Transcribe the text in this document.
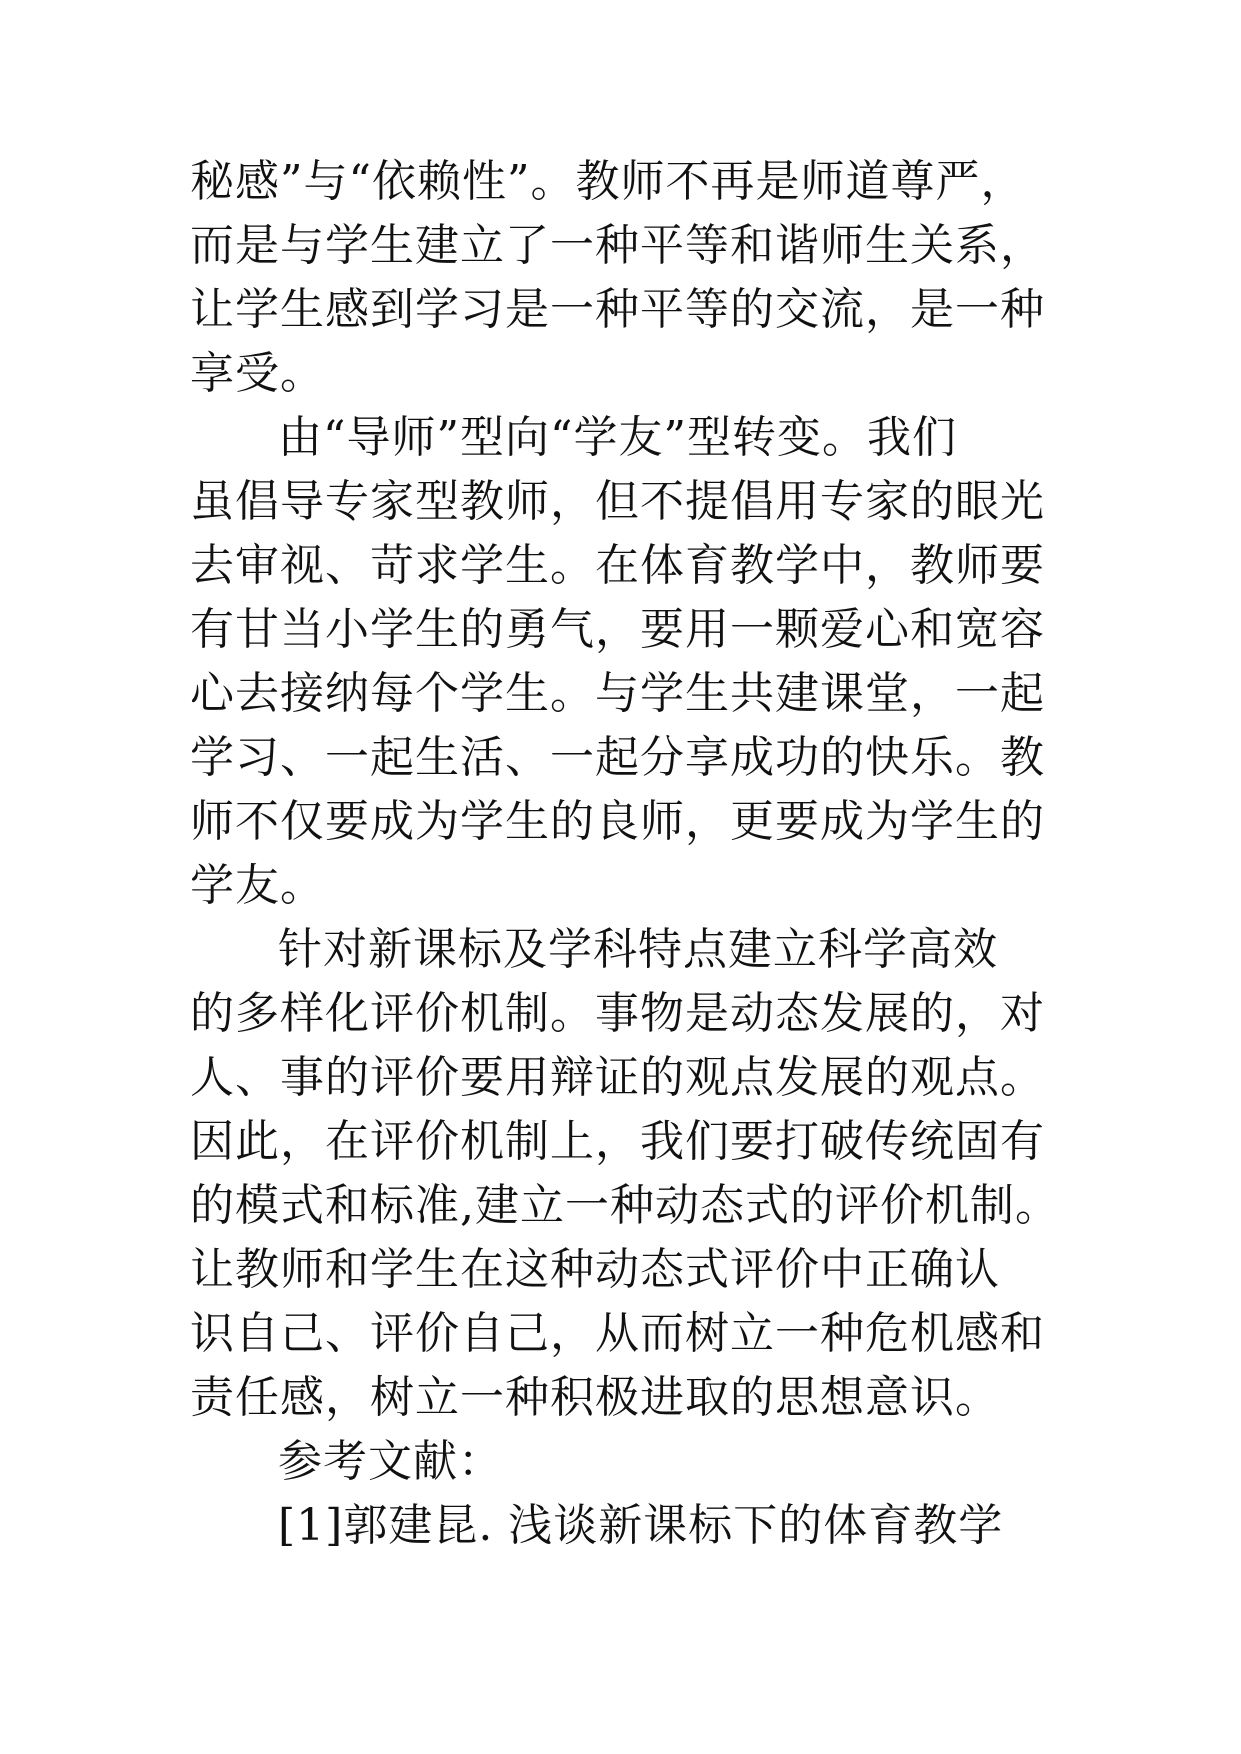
秘感”与“依赖性”。教师不再是师道尊严，
而是与学生建立了一种平等和谐师生关系，
让学生感到学习是一种平等的交流，是一种
享受。
由“导师”型向“学友”型转变。我们
虽倡导专家型教师，但不提倡用专家的眼光
去审视、苛求学生。在体育教学中，教师要
有甘当小学生的勇气，要用一颗爱心和宽容
心去接纳每个学生。与学生共建课堂，一起
学习、一起生活、一起分享成功的快乐。教
师不仅要成为学生的良师，更要成为学生的
学友。
针对新课标及学科特点建立科学高效
的多样化评价机制。事物是动态发展的，对
人、事的评价要用辩证的观点发展的观点。
因此，在评价机制上，我们要打破传统固有
的模式和标准,建立一种动态式的评价机制。
让教师和学生在这种动态式评价中正确认
识自己、评价自己，从而树立一种危机感和
责任感，树立一种积极进取的思想意识。
参考文献：
[1]郭建昆. 浅谈新课标下的体育教学
